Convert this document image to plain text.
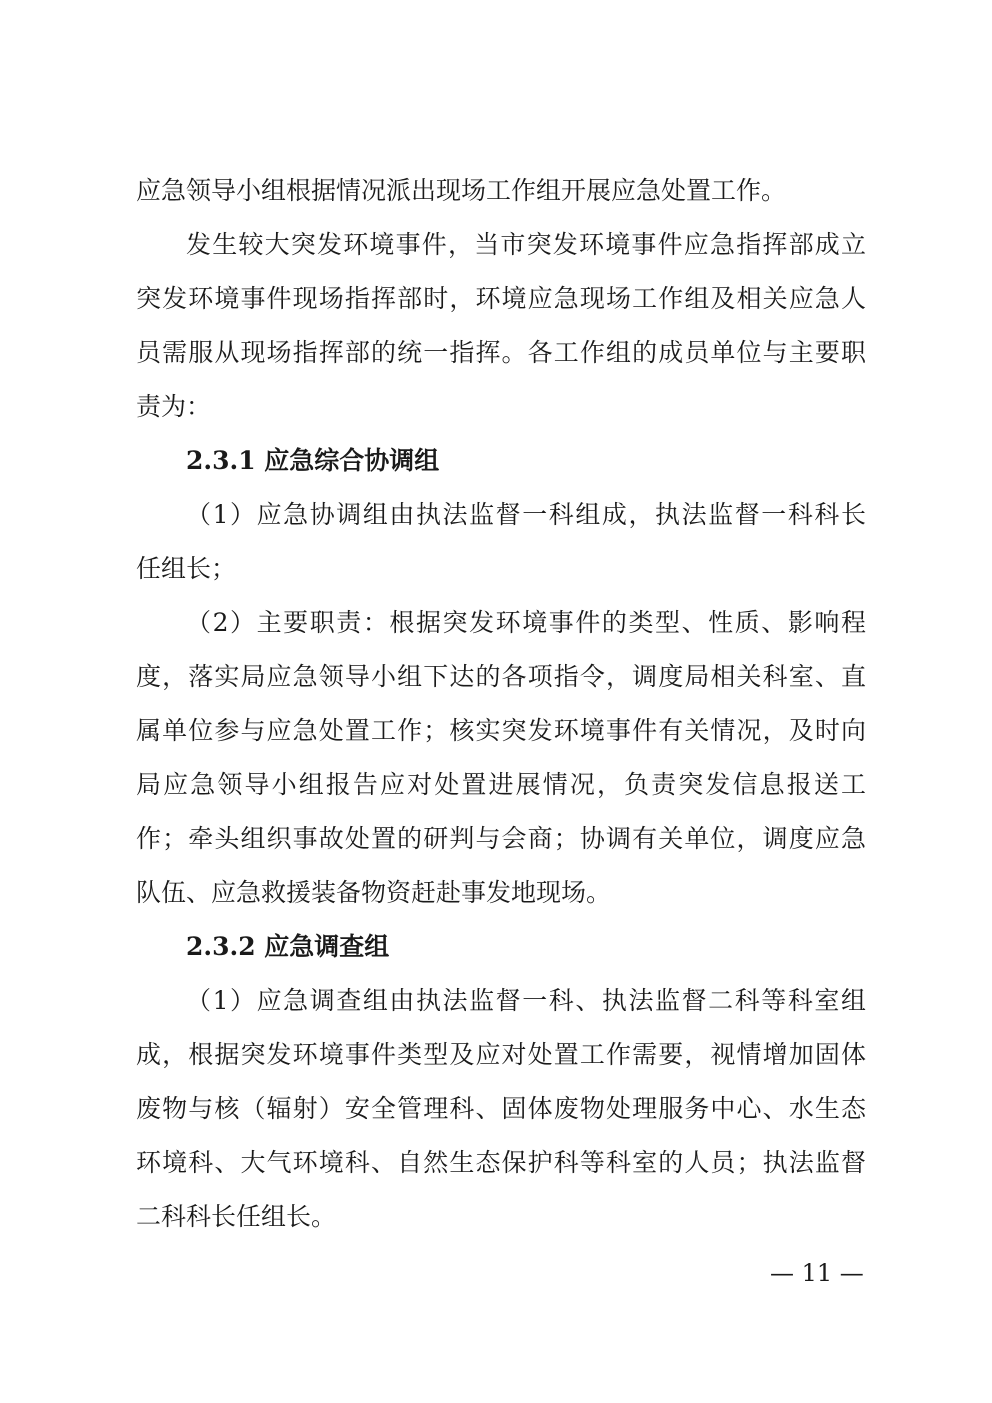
应急领导小组根据情况派出现场工作组开展应急处置工作。
发生较大突发环境事件，当市突发环境事件应急指挥部成立
突发环境事件现场指挥部时，环境应急现场工作组及相关应急人
员需服从现场指挥部的统一指挥。各工作组的成员单位与主要职
责为：
2.3.1 应急综合协调组
（1）应急协调组由执法监督一科组成，执法监督一科科长
任组长；
（2）主要职责：根据突发环境事件的类型、性质、影响程
度，落实局应急领导小组下达的各项指令，调度局相关科室、直
属单位参与应急处置工作；核实突发环境事件有关情况，及时向
局应急领导小组报告应对处置进展情况，负责突发信息报送工
作；牵头组织事故处置的研判与会商；协调有关单位，调度应急
队伍、应急救援装备物资赶赴事发地现场。
2.3.2 应急调查组
（1）应急调查组由执法监督一科、执法监督二科等科室组
成，根据突发环境事件类型及应对处置工作需要，视情增加固体
废物与核（辐射）安全管理科、固体废物处理服务中心、水生态
环境科、大气环境科、自然生态保护科等科室的人员；执法监督
二科科长任组长。
— 11 —
